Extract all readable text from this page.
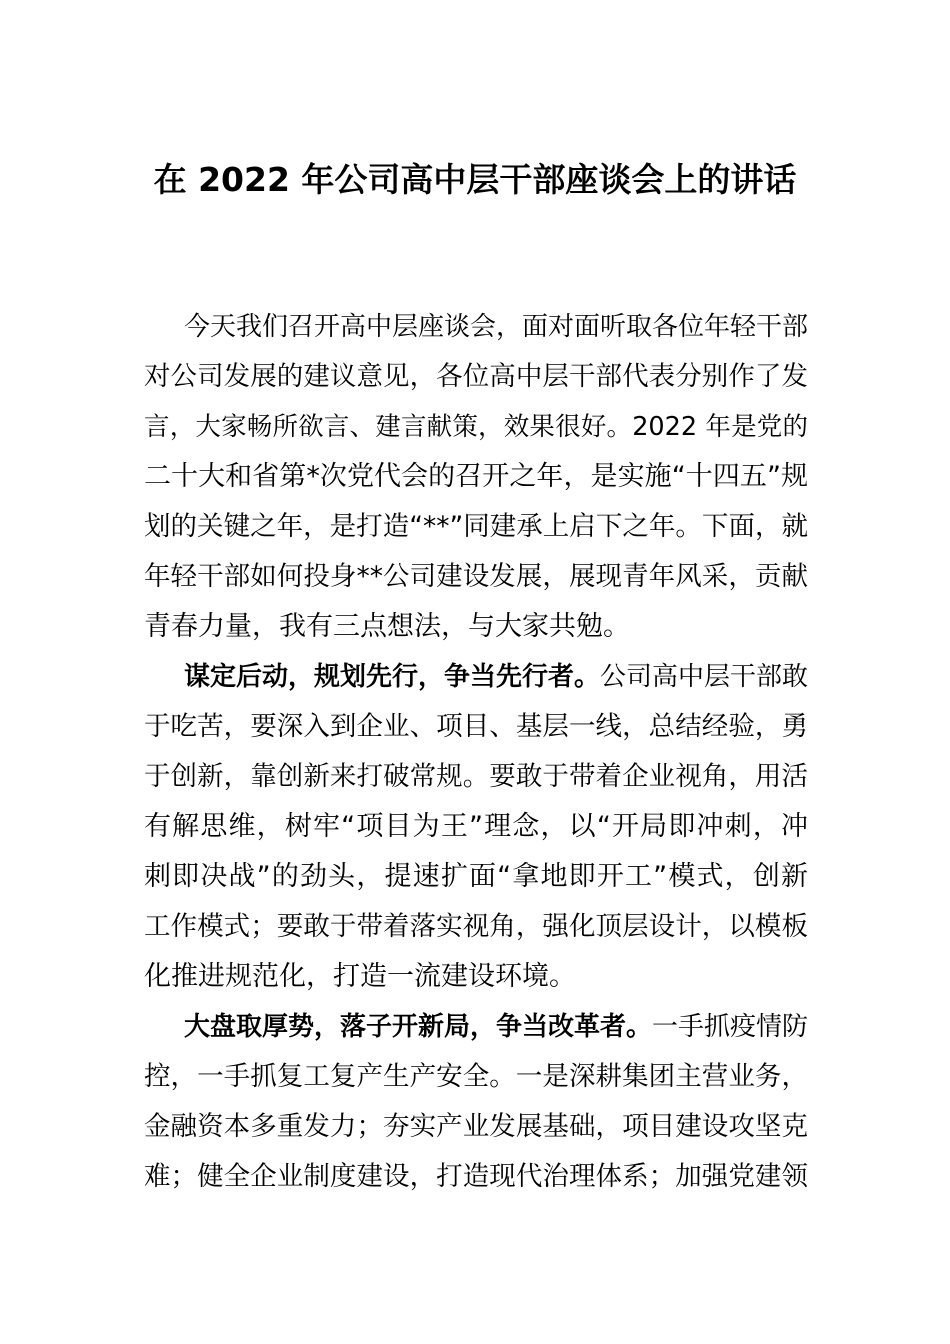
在 2022 年公司高中层干部座谈会上的讲话
今天我们召开高中层座谈会，面对面听取各位年轻干部
对公司发展的建议意见，各位高中层干部代表分别作了发
言，大家畅所欲言、建言献策，效果很好。2022 年是党的
二十大和省第*次党代会的召开之年，是实施“十四五”规
划的关键之年，是打造“**”同建承上启下之年。下面，就
年轻干部如何投身**公司建设发展，展现青年风采，贡献
青春力量，我有三点想法，与大家共勉。
谋定后动，规划先行，争当先行者。公司高中层干部敢
于吃苦，要深入到企业、项目、基层一线，总结经验，勇
于创新，靠创新来打破常规。要敢于带着企业视角，用活
有解思维，树牢“项目为王”理念，以“开局即冲刺，冲
刺即决战”的劲头，提速扩面“拿地即开工”模式，创新
工作模式；要敢于带着落实视角，强化顶层设计，以模板
化推进规范化，打造一流建设环境。
大盘取厚势，落子开新局，争当改革者。一手抓疫情防
控，一手抓复工复产生产安全。一是深耕集团主营业务，
金融资本多重发力；夯实产业发展基础，项目建设攻坚克
难；健全企业制度建设，打造现代治理体系；加强党建领
